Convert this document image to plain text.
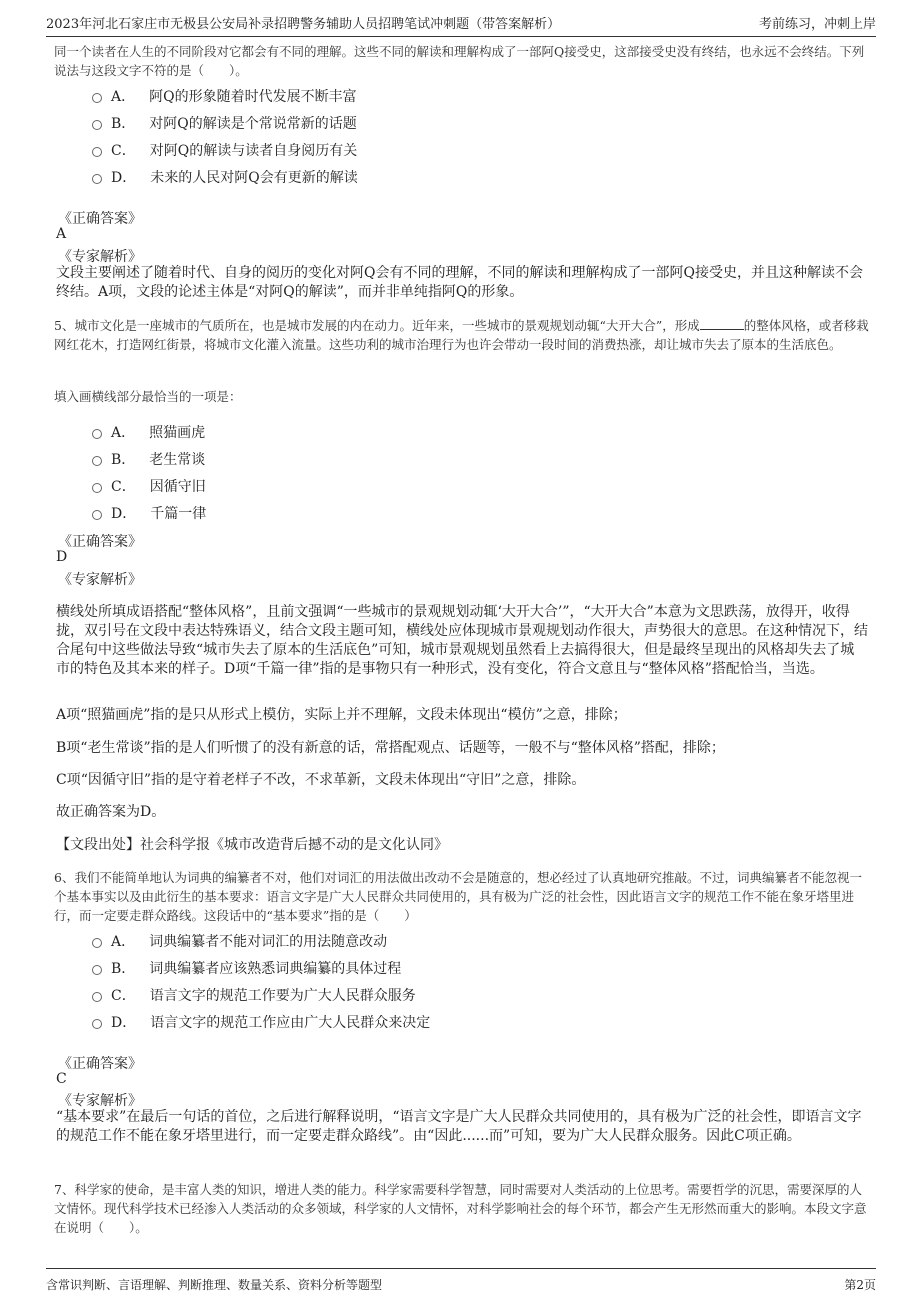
2023年河北石家庄市无极县公安局补录招聘警务辅助人员招聘笔试冲刺题（带答案解析）	考前练习，冲刺上岸
同一个读者在人生的不同阶段对它都会有不同的理解。这些不同的解读和理解构成了一部阿Q接受史，这部接受史没有终结，也永远不会终结。下列说法与这段文字不符的是（　　）。
A． 阿Q的形象随着时代发展不断丰富
B． 对阿Q的解读是个常说常新的话题
C． 对阿Q的解读与读者自身阅历有关
D． 未来的人民对阿Q会有更新的解读
《正确答案》
A
《专家解析》
文段主要阐述了随着时代、自身的阅历的变化对阿Q会有不同的理解，不同的解读和理解构成了一部阿Q接受史，并且这种解读不会终结。A项，文段的论述主体是“对阿Q的解读”，而并非单纯指阿Q的形象。
5、城市文化是一座城市的气质所在，也是城市发展的内在动力。近年来，一些城市的景观规划动辄“大开大合”，形成	的整体风格，或者移栽网红花木，打造网红街景，将城市文化灌入流量。这些功利的城市治理行为也许会带动一段时间的消费热涨，却让城市失去了原本的生活底色。
填入画横线部分最恰当的一项是：
A． 照猫画虎
B． 老生常谈
C． 因循守旧
D． 千篇一律
《正确答案》
D
《专家解析》
横线处所填成语搭配“整体风格”，且前文强调“一些城市的景观规划动辄‘大开大合’”，“大开大合”本意为文思跌荡，放得开，收得拢，双引号在文段中表达特殊语义，结合文段主题可知，横线处应体现城市景观规划动作很大，声势很大的意思。在这种情况下，结合尾句中这些做法导致“城市失去了原本的生活底色”可知，城市景观规划虽然看上去搞得很大，但是最终呈现出的风格却失去了城市的特色及其本来的样子。D项“千篇一律”指的是事物只有一种形式，没有变化，符合文意且与“整体风格”搭配恰当，当选。
A项“照猫画虎”指的是只从形式上模仿，实际上并不理解，文段未体现出“模仿”之意，排除；
B项“老生常谈”指的是人们听惯了的没有新意的话，常搭配观点、话题等，一般不与“整体风格”搭配，排除；
C项“因循守旧”指的是守着老样子不改，不求革新，文段未体现出“守旧”之意，排除。
故正确答案为D。
【文段出处】社会科学报《城市改造背后撼不动的是文化认同》
6、我们不能简单地认为词典的编纂者不对，他们对词汇的用法做出改动不会是随意的，想必经过了认真地研究推敲。不过，词典编纂者不能忽视一个基本事实以及由此衍生的基本要求：语言文字是广大人民群众共同使用的，具有极为广泛的社会性，因此语言文字的规范工作不能在象牙塔里进行，而一定要走群众路线。这段话中的“基本要求”指的是（　　）
A． 词典编纂者不能对词汇的用法随意改动
B． 词典编纂者应该熟悉词典编纂的具体过程
C． 语言文字的规范工作要为广大人民群众服务
D． 语言文字的规范工作应由广大人民群众来决定
《正确答案》
C
《专家解析》
“基本要求”在最后一句话的首位，之后进行解释说明，“语言文字是广大人民群众共同使用的，具有极为广泛的社会性，即语言文字的规范工作不能在象牙塔里进行，而一定要走群众路线”。由“因此......而”可知，要为广大人民群众服务。因此C项正确。
7、科学家的使命，是丰富人类的知识，增进人类的能力。科学家需要科学智慧，同时需要对人类活动的上位思考。需要哲学的沉思，需要深厚的人文情怀。现代科学技术已经渗入人类活动的众多领域，科学家的人文情怀，对科学影响社会的每个环节，都会产生无形然而重大的影响。本段文字意在说明（　　）。
含常识判断、言语理解、判断推理、数量关系、资料分析等题型	第2页
